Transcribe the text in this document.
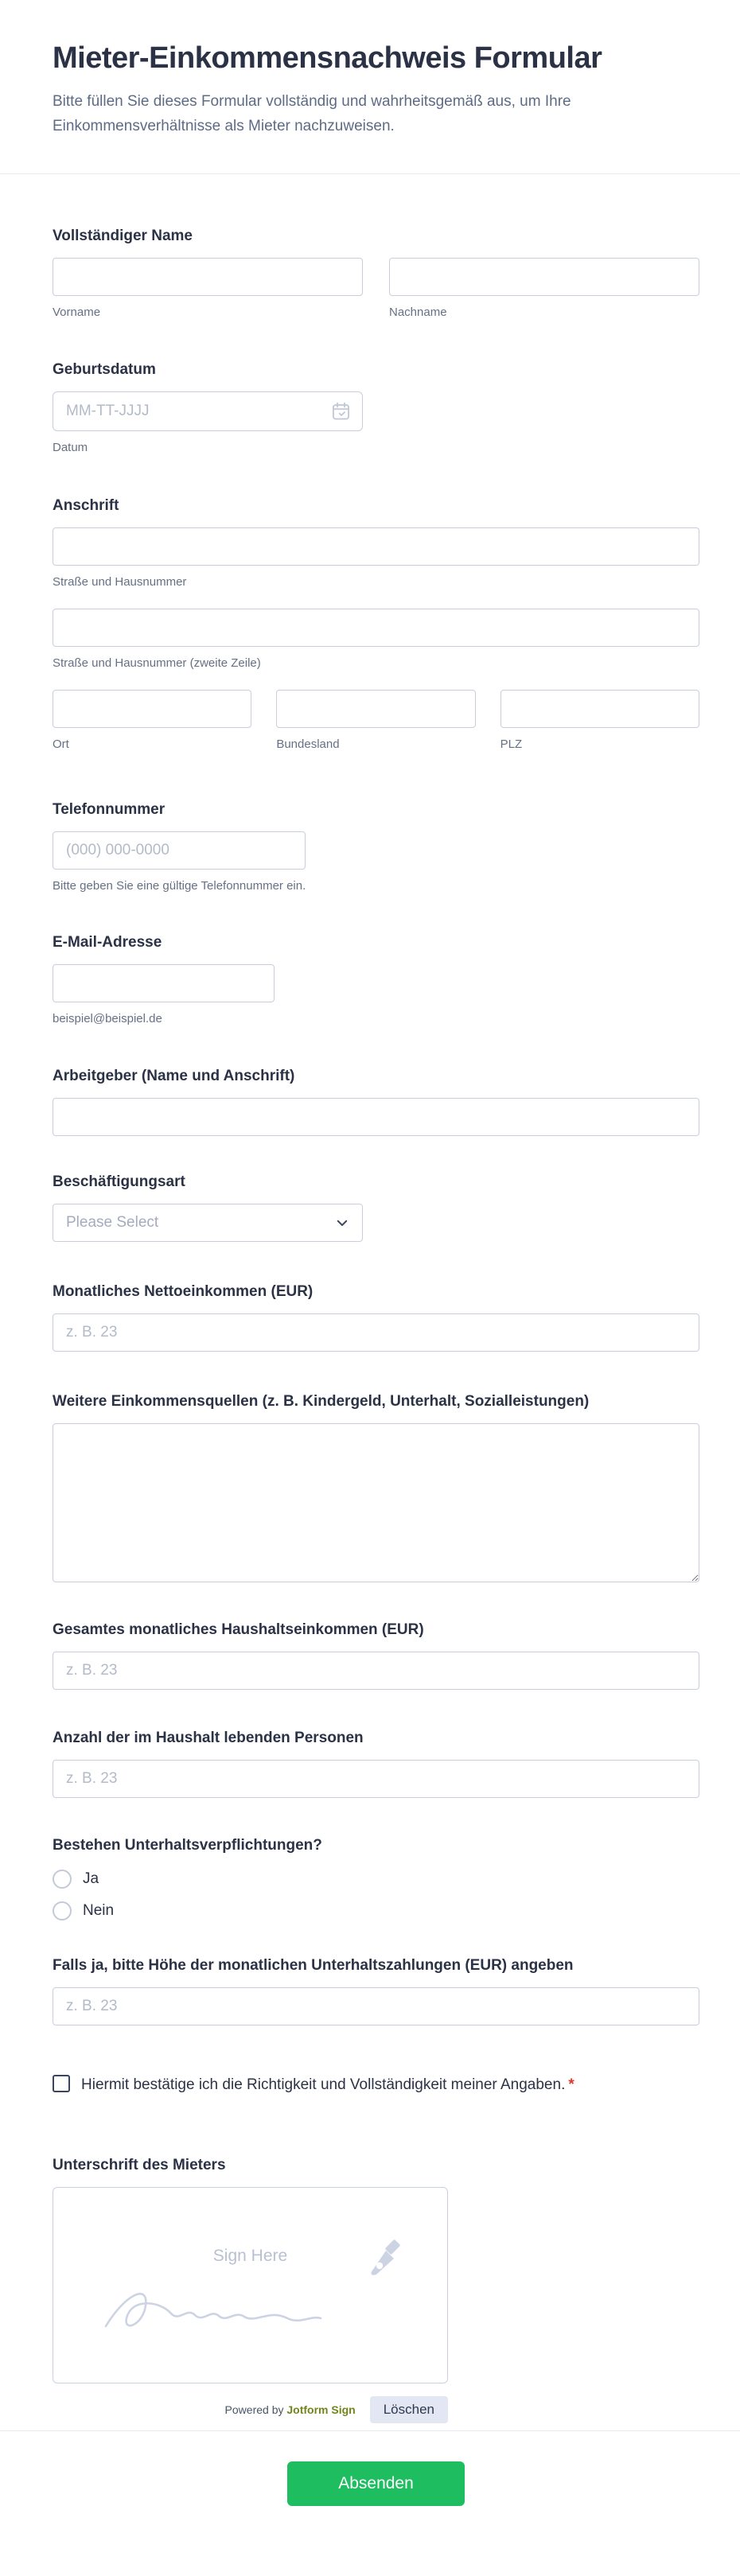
Mieter-Einkommensnachweis Formular

Bitte füllen Sie dieses Formular vollständig und wahrheitsgemäß aus, um Ihre Einkommensverhältnisse als Mieter nachzuweisen.

Vollständiger Name
Vorname	Nachname
Geburtsdatum
MM-TT-JJJJ
Datum
Anschrift
Straße und Hausnummer
Straße und Hausnummer (zweite Zeile)
Ort	Bundesland	PLZ
Telefonnummer
(000) 000-0000
Bitte geben Sie eine gültige Telefonnummer ein.
E-Mail-Adresse
beispiel@beispiel.de
Arbeitgeber (Name und Anschrift)
Beschäftigungsart
Please Select
Monatliches Nettoeinkommen (EUR)
z. B. 23
Weitere Einkommensquellen (z. B. Kindergeld, Unterhalt, Sozialleistungen)
Gesamtes monatliches Haushaltseinkommen (EUR)
z. B. 23
Anzahl der im Haushalt lebenden Personen
z. B. 23
Bestehen Unterhaltsverpflichtungen?
Ja
Nein
Falls ja, bitte Höhe der monatlichen Unterhaltszahlungen (EUR) angeben
z. B. 23
Hiermit bestätige ich die Richtigkeit und Vollständigkeit meiner Angaben. *
Unterschrift des Mieters
Sign Here
Powered by Jotform Sign	Löschen
Absenden
